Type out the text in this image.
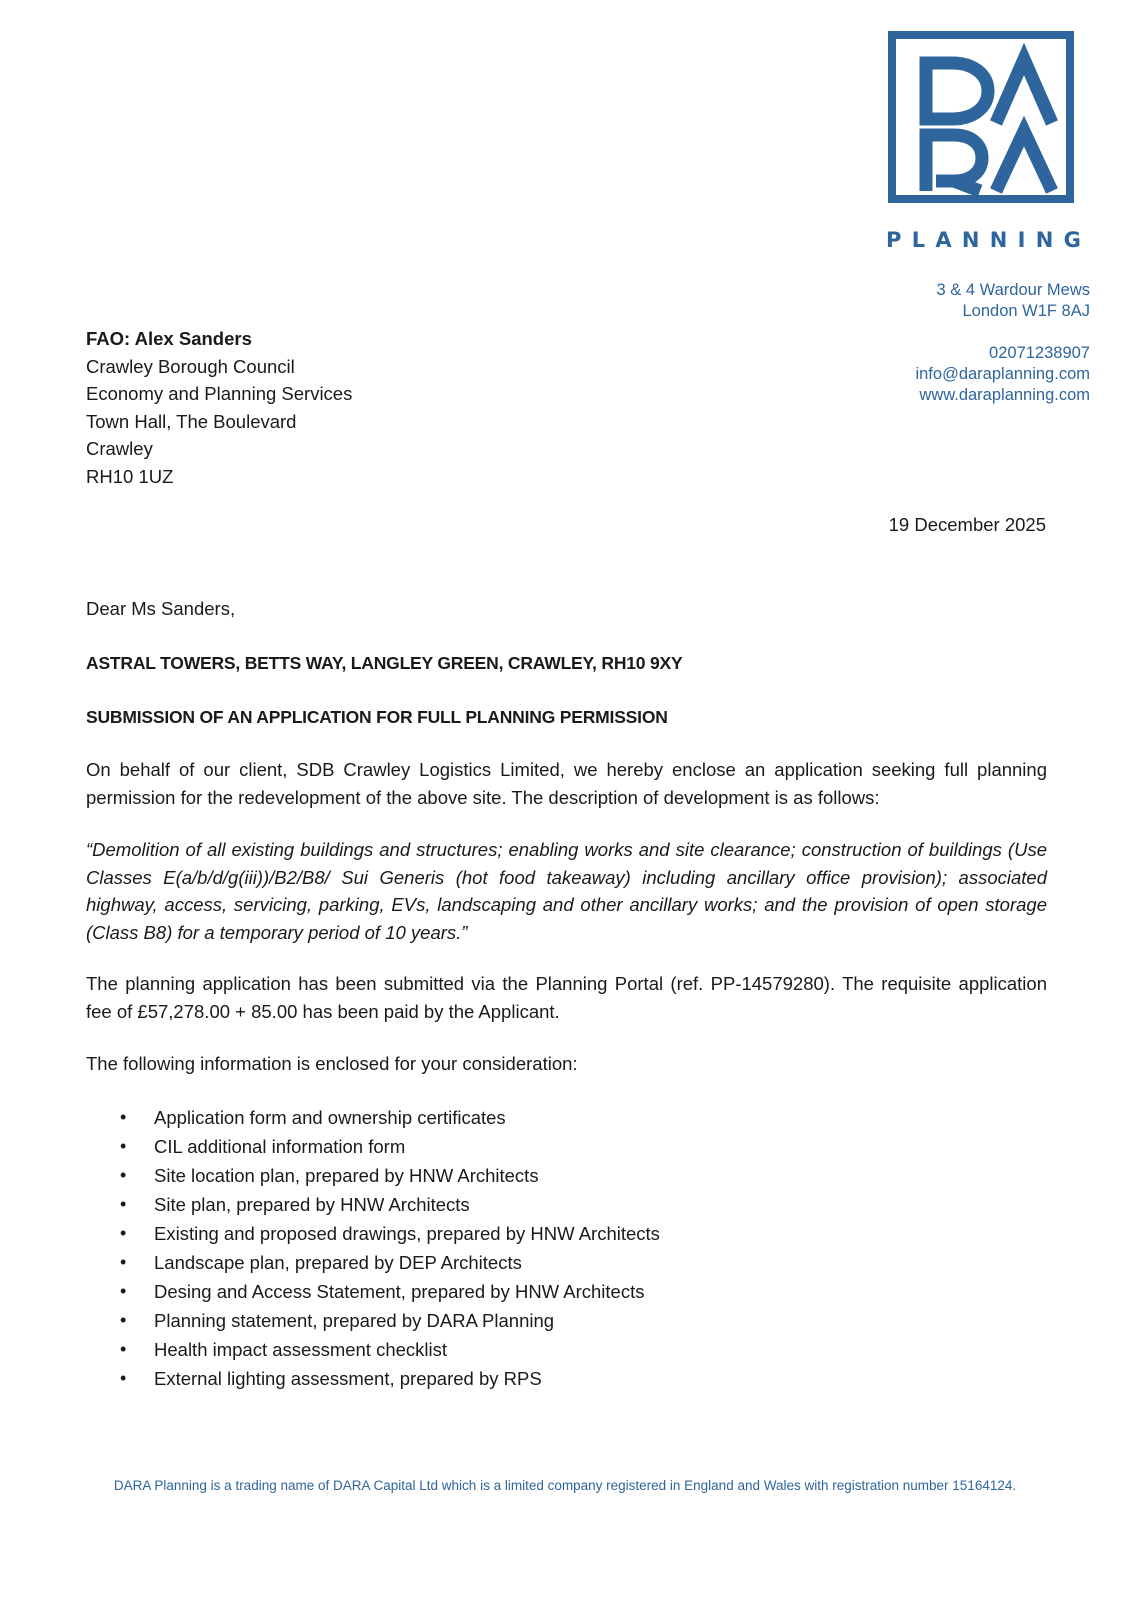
PLANNING
3 & 4 Wardour Mews
London W1F 8AJ
02071238907
info@daraplanning.com
www.daraplanning.com
FAO: Alex Sanders
Crawley Borough Council
Economy and Planning Services
Town Hall, The Boulevard
Crawley
RH10 1UZ
19 December 2025
Dear Ms Sanders,
ASTRAL TOWERS, BETTS WAY, LANGLEY GREEN, CRAWLEY, RH10 9XY
SUBMISSION OF AN APPLICATION FOR FULL PLANNING PERMISSION
On behalf of our client, SDB Crawley Logistics Limited, we hereby enclose an application seeking full planning permission for the redevelopment of the above site. The description of development is as follows:
“Demolition of all existing buildings and structures; enabling works and site clearance; construction of buildings (Use Classes E(a/b/d/g(iii))/B2/B8/ Sui Generis (hot food takeaway) including ancillary office provision); associated highway, access, servicing, parking, EVs, landscaping and other ancillary works; and the provision of open storage (Class B8) for a temporary period of 10 years.”
The planning application has been submitted via the Planning Portal (ref. PP-14579280). The requisite application fee of £57,278.00 + 85.00 has been paid by the Applicant.
The following information is enclosed for your consideration:
• Application form and ownership certificates
• CIL additional information form
• Site location plan, prepared by HNW Architects
• Site plan, prepared by HNW Architects
• Existing and proposed drawings, prepared by HNW Architects
• Landscape plan, prepared by DEP Architects
• Desing and Access Statement, prepared by HNW Architects
• Planning statement, prepared by DARA Planning
• Health impact assessment checklist
• External lighting assessment, prepared by RPS
DARA Planning is a trading name of DARA Capital Ltd which is a limited company registered in England and Wales with registration number 15164124.
